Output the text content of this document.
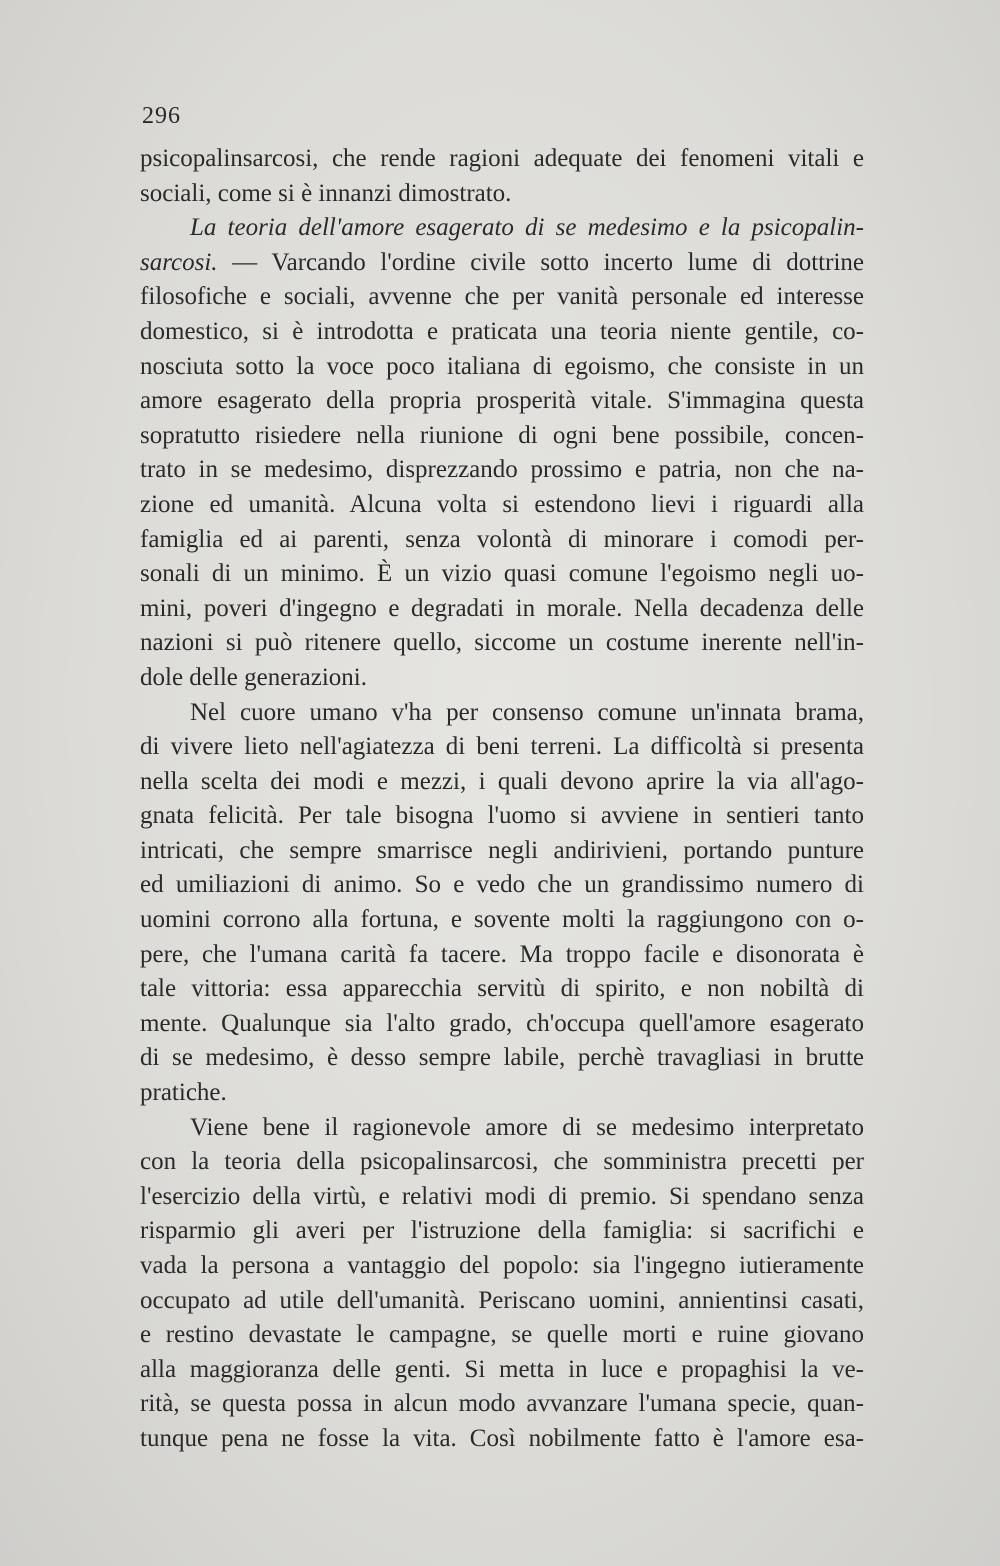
296
psicopalinsarcosi, che rende ragioni adequate dei fenomeni vitali e
sociali, come si è innanzi dimostrato.
La teoria dell'amore esagerato di se medesimo e la psicopalin-
sarcosi. — Varcando l'ordine civile sotto incerto lume di dottrine
filosofiche e sociali, avvenne che per vanità personale ed interesse
domestico, si è introdotta e praticata una teoria niente gentile, co-
nosciuta sotto la voce poco italiana di egoismo, che consiste in un
amore esagerato della propria prosperità vitale. S'immagina questa
sopratutto risiedere nella riunione di ogni bene possibile, concen-
trato in se medesimo, disprezzando prossimo e patria, non che na-
zione ed umanità. Alcuna volta si estendono lievi i riguardi alla
famiglia ed ai parenti, senza volontà di minorare i comodi per-
sonali di un minimo. È un vizio quasi comune l'egoismo negli uo-
mini, poveri d'ingegno e degradati in morale. Nella decadenza delle
nazioni si può ritenere quello, siccome un costume inerente nell'in-
dole delle generazioni.
Nel cuore umano v'ha per consenso comune un'innata brama,
di vivere lieto nell'agiatezza di beni terreni. La difficoltà si presenta
nella scelta dei modi e mezzi, i quali devono aprire la via all'ago-
gnata felicità. Per tale bisogna l'uomo si avviene in sentieri tanto
intricati, che sempre smarrisce negli andirivieni, portando punture
ed umiliazioni di animo. So e vedo che un grandissimo numero di
uomini corrono alla fortuna, e sovente molti la raggiungono con o-
pere, che l'umana carità fa tacere. Ma troppo facile e disonorata è
tale vittoria: essa apparecchia servitù di spirito, e non nobiltà di
mente. Qualunque sia l'alto grado, ch'occupa quell'amore esagerato
di se medesimo, è desso sempre labile, perchè travagliasi in brutte
pratiche.
Viene bene il ragionevole amore di se medesimo interpretato
con la teoria della psicopalinsarcosi, che somministra precetti per
l'esercizio della virtù, e relativi modi di premio. Si spendano senza
risparmio gli averi per l'istruzione della famiglia: si sacrifichi e
vada la persona a vantaggio del popolo: sia l'ingegno iutieramente
occupato ad utile dell'umanità. Periscano uomini, annientinsi casati,
e restino devastate le campagne, se quelle morti e ruine giovano
alla maggioranza delle genti. Si metta in luce e propaghisi la ve-
rità, se questa possa in alcun modo avvanzare l'umana specie, quan-
tunque pena ne fosse la vita. Così nobilmente fatto è l'amore esa-
